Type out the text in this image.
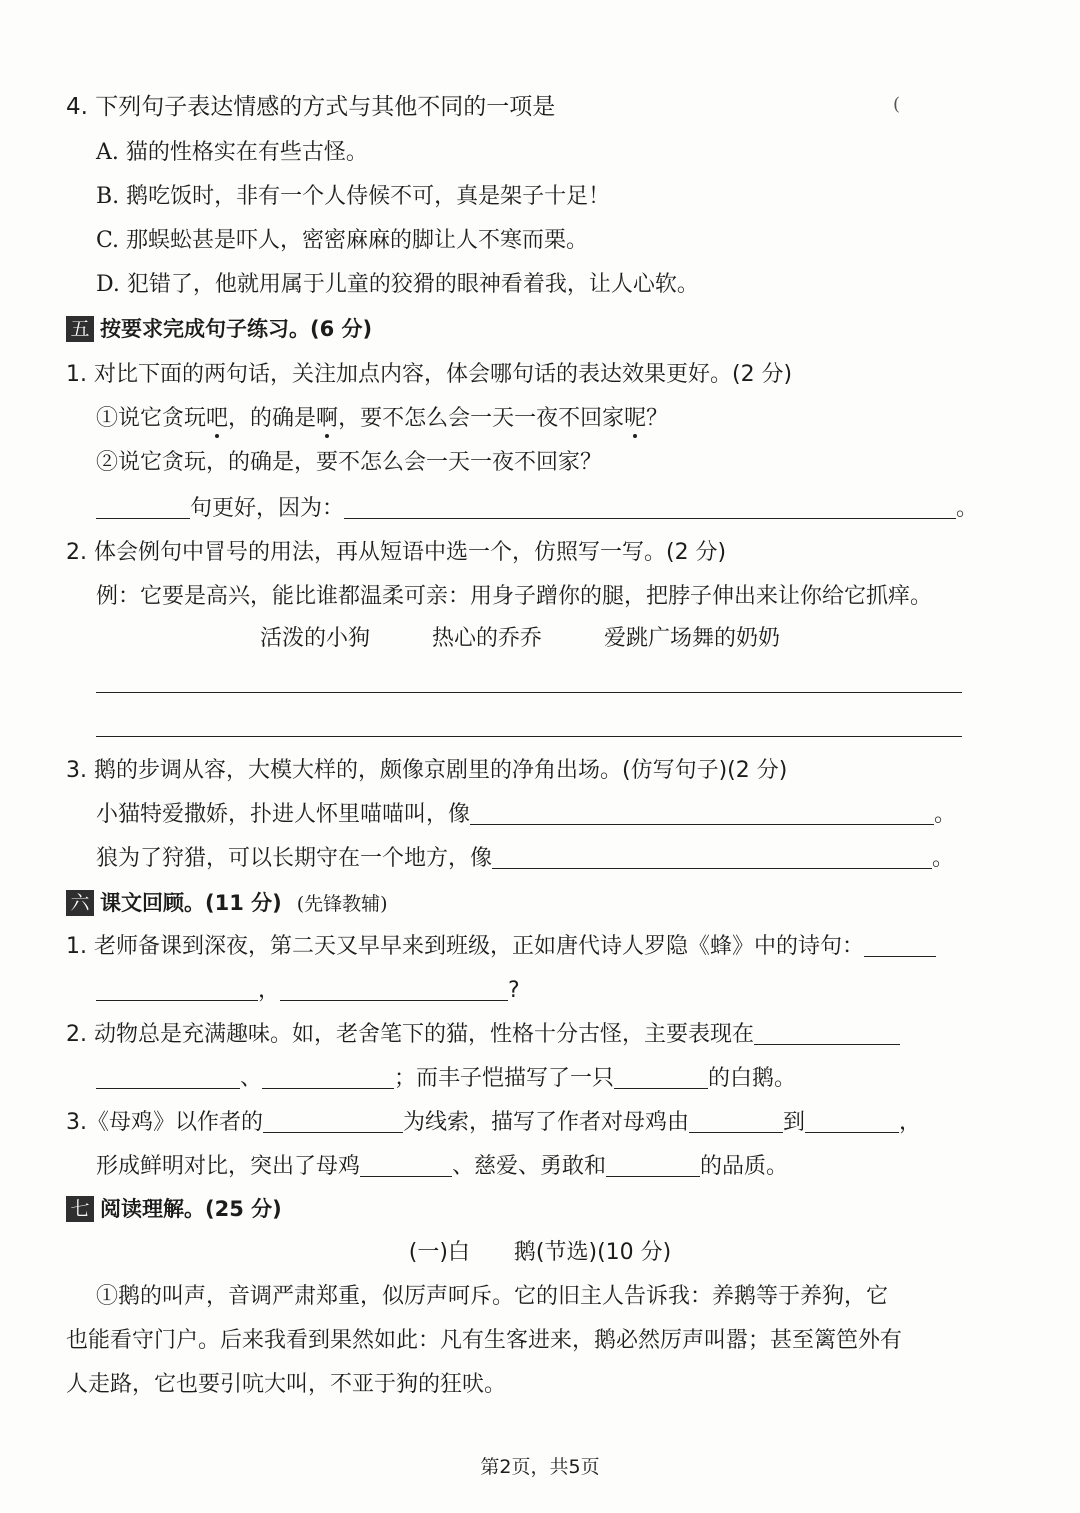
4. 下列句子表达情感的方式与其他不同的一项是	(
A. 猫的性格实在有些古怪。
B. 鹅吃饭时，非有一个人侍候不可，真是架子十足！
C. 那蜈蚣甚是吓人，密密麻麻的脚让人不寒而栗。
D. 犯错了，他就用属于儿童的狡猾的眼神看着我，让人心软。
五 按要求完成句子练习。(6 分)
1. 对比下面的两句话，关注加点内容，体会哪句话的表达效果更好。(2 分)
①说它贪玩吧，的确是啊，要不怎么会一天一夜不回家呢？
②说它贪玩，的确是，要不怎么会一天一夜不回家？
句更好，因为：	。
2. 体会例句中冒号的用法，再从短语中选一个，仿照写一写。(2 分)
例：它要是高兴，能比谁都温柔可亲：用身子蹭你的腿，把脖子伸出来让你给它抓痒。
活泼的小狗	热心的乔乔	爱跳广场舞的奶奶
3. 鹅的步调从容，大模大样的，颇像京剧里的净角出场。(仿写句子)(2 分)
小猫特爱撒娇，扑进人怀里喵喵叫，像	。
狼为了狩猎，可以长期守在一个地方，像	。
六 课文回顾。(11 分) (先锋教辅)
1. 老师备课到深夜，第二天又早早来到班级，正如唐代诗人罗隐《蜂》中的诗句：
，	?
2. 动物总是充满趣味。如，老舍笔下的猫，性格十分古怪，主要表现在
、	；而丰子恺描写了一只	的白鹅。
3.《母鸡》以作者的	为线索，描写了作者对母鸡由	到	，
形成鲜明对比，突出了母鸡	、慈爱、勇敢和	的品质。
七 阅读理解。(25 分)
(一)白　　鹅(节选)(10 分)
①鹅的叫声，音调严肃郑重，似厉声呵斥。它的旧主人告诉我：养鹅等于养狗，它
也能看守门户。后来我看到果然如此：凡有生客进来，鹅必然厉声叫嚣；甚至篱笆外有
人走路，它也要引吭大叫，不亚于狗的狂吠。
第2页，共5页
